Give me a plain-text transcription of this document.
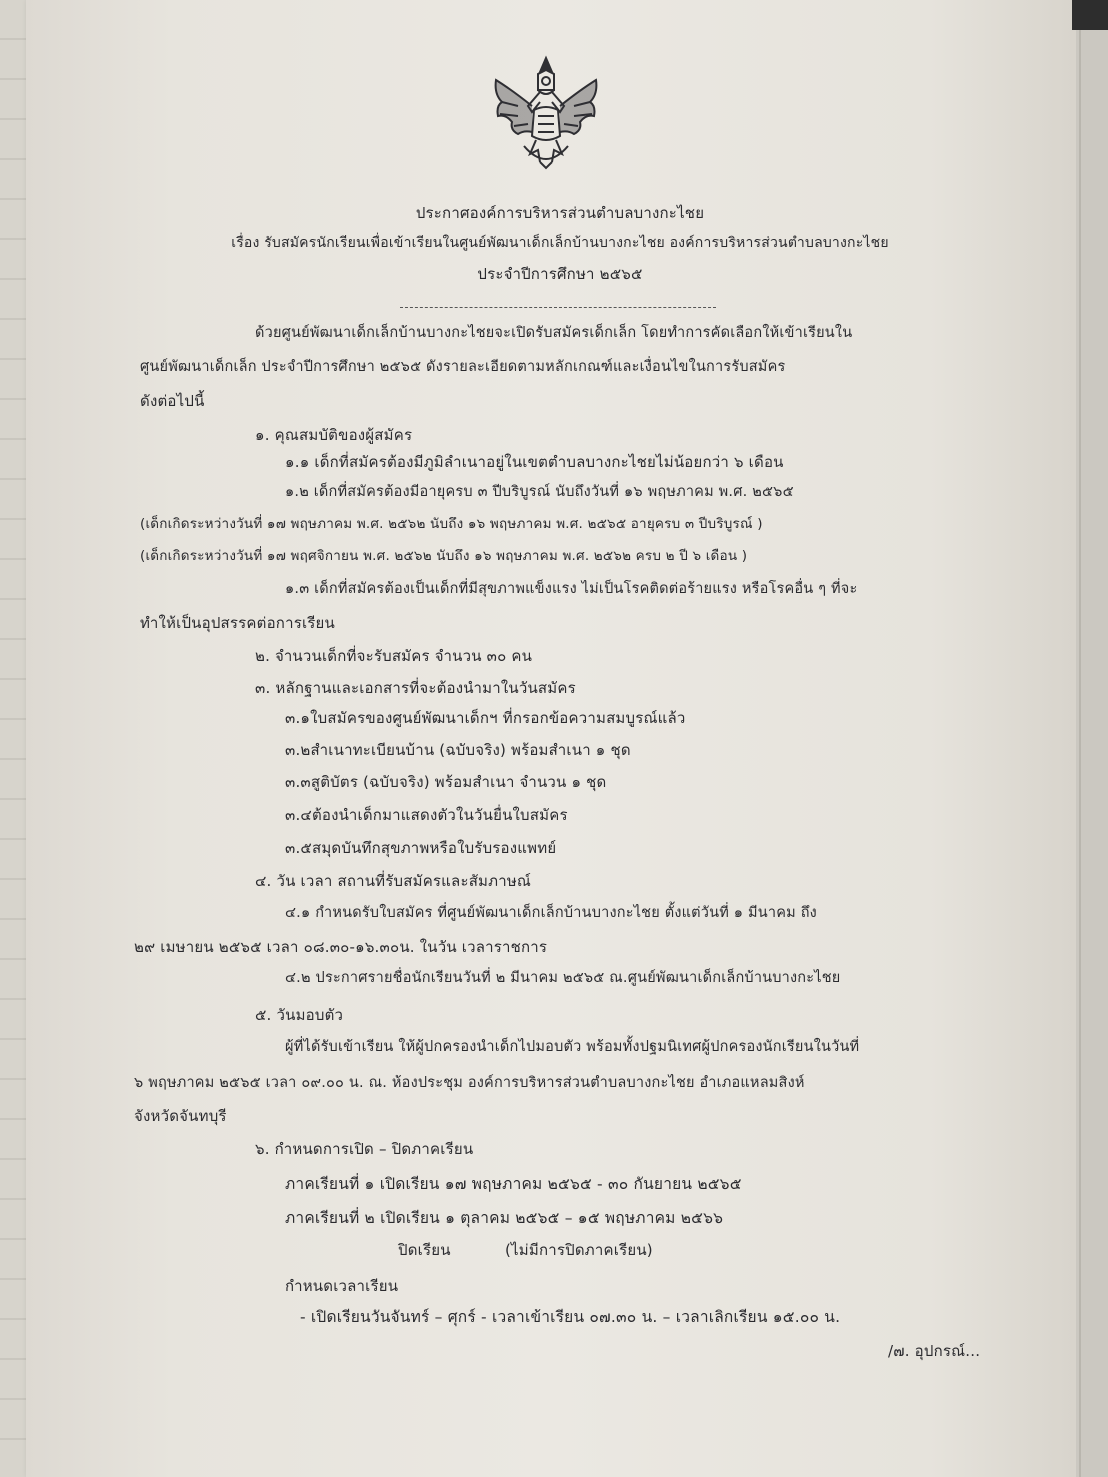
ประกาศองค์การบริหารส่วนตำบลบางกะไชย
เรื่อง รับสมัครนักเรียนเพื่อเข้าเรียนในศูนย์พัฒนาเด็กเล็กบ้านบางกะไชย องค์การบริหารส่วนตำบลบางกะไชย
ประจำปีการศึกษา ๒๕๖๕
ด้วยศูนย์พัฒนาเด็กเล็กบ้านบางกะไชยจะเปิดรับสมัครเด็กเล็ก โดยทำการคัดเลือกให้เข้าเรียนใน
ศูนย์พัฒนาเด็กเล็ก ประจำปีการศึกษา ๒๕๖๕ ดังรายละเอียดตามหลักเกณฑ์และเงื่อนไขในการรับสมัคร
ดังต่อไปนี้
๑. คุณสมบัติของผู้สมัคร
๑.๑ เด็กที่สมัครต้องมีภูมิลำเนาอยู่ในเขตตำบลบางกะไชยไม่น้อยกว่า ๖ เดือน
๑.๒ เด็กที่สมัครต้องมีอายุครบ ๓ ปีบริบูรณ์ นับถึงวันที่ ๑๖ พฤษภาคม พ.ศ. ๒๕๖๕
(เด็กเกิดระหว่างวันที่ ๑๗ พฤษภาคม พ.ศ. ๒๕๖๒ นับถึง ๑๖ พฤษภาคม พ.ศ. ๒๕๖๕ อายุครบ ๓ ปีบริบูรณ์ )
(เด็กเกิดระหว่างวันที่ ๑๗ พฤศจิกายน พ.ศ. ๒๕๖๒ นับถึง ๑๖ พฤษภาคม พ.ศ. ๒๕๖๒ ครบ ๒ ปี ๖ เดือน )
๑.๓ เด็กที่สมัครต้องเป็นเด็กที่มีสุขภาพแข็งแรง ไม่เป็นโรคติดต่อร้ายแรง หรือโรคอื่น ๆ ที่จะ
ทำให้เป็นอุปสรรคต่อการเรียน
๒. จำนวนเด็กที่จะรับสมัคร จำนวน ๓๐ คน
๓. หลักฐานและเอกสารที่จะต้องนำมาในวันสมัคร
๓.๑ใบสมัครของศูนย์พัฒนาเด็กฯ ที่กรอกข้อความสมบูรณ์แล้ว
๓.๒สำเนาทะเบียนบ้าน (ฉบับจริง) พร้อมสำเนา ๑ ชุด
๓.๓สูติบัตร (ฉบับจริง) พร้อมสำเนา จำนวน ๑ ชุด
๓.๔ต้องนำเด็กมาแสดงตัวในวันยื่นใบสมัคร
๓.๕สมุดบันทึกสุขภาพหรือใบรับรองแพทย์
๔. วัน เวลา สถานที่รับสมัครและสัมภาษณ์
๔.๑ กำหนดรับใบสมัคร ที่ศูนย์พัฒนาเด็กเล็กบ้านบางกะไชย ตั้งแต่วันที่ ๑ มีนาคม ถึง
๒๙ เมษายน ๒๕๖๕ เวลา ๐๘.๓๐-๑๖.๓๐น. ในวัน เวลาราชการ
๔.๒ ประกาศรายชื่อนักเรียนวันที่ ๒ มีนาคม ๒๕๖๕ ณ.ศูนย์พัฒนาเด็กเล็กบ้านบางกะไชย
๕. วันมอบตัว
ผู้ที่ได้รับเข้าเรียน ให้ผู้ปกครองนำเด็กไปมอบตัว พร้อมทั้งปฐมนิเทศผู้ปกครองนักเรียนในวันที่
๖ พฤษภาคม ๒๕๖๕ เวลา ๐๙.๐๐ น. ณ. ห้องประชุม องค์การบริหารส่วนตำบลบางกะไชย อำเภอแหลมสิงห์
จังหวัดจันทบุรี
๖. กำหนดการเปิด – ปิดภาคเรียน
ภาคเรียนที่ ๑ เปิดเรียน ๑๗ พฤษภาคม ๒๕๖๕ - ๓๐ กันยายน ๒๕๖๕
ภาคเรียนที่ ๒ เปิดเรียน ๑ ตุลาคม ๒๕๖๕ – ๑๕ พฤษภาคม ๒๕๖๖
ปิดเรียน	(ไม่มีการปิดภาคเรียน)
กำหนดเวลาเรียน
- เปิดเรียนวันจันทร์ – ศุกร์ - เวลาเข้าเรียน ๐๗.๓๐ น. – เวลาเลิกเรียน ๑๕.๐๐ น.
/๗. อุปกรณ์...
